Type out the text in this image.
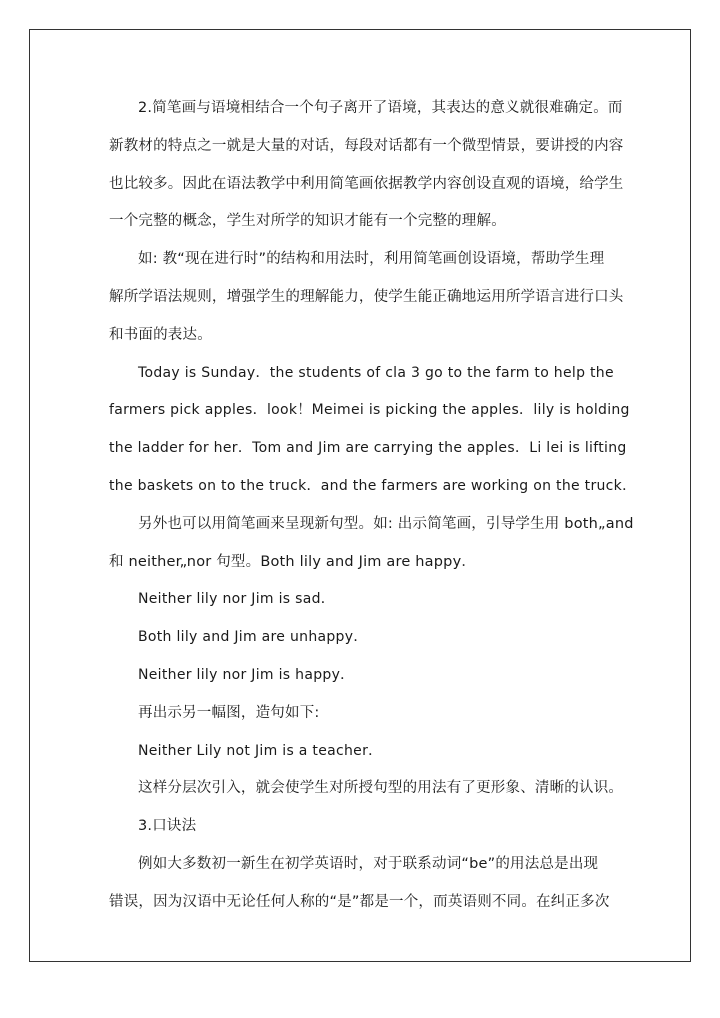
2.简笔画与语境相结合一个句子离开了语境，其表达的意义就很难确定。而
新教材的特点之一就是大量的对话，每段对话都有一个微型情景，要讲授的内容
也比较多。因此在语法教学中利用简笔画依据教学内容创设直观的语境，给学生
一个完整的概念，学生对所学的知识才能有一个完整的理解。
如: 教“现在进行时”的结构和用法时，利用简笔画创设语境，帮助学生理
解所学语法规则，增强学生的理解能力，使学生能正确地运用所学语言进行口头
和书面的表达。
Today is Sunday．the students of cla 3 go to the farm to help the
farmers pick apples．look！Meimei is picking the apples．lily is holding
the ladder for her．Tom and Jim are carrying the apples．Li lei is lifting
the baskets on to the truck．and the farmers are working on the truck．
另外也可以用简笔画来呈现新句型。如: 出示简笔画，引导学生用 both„and
和 neither„nor 句型。Both lily and Jim are happy．
Neither lily nor Jim is sad．
Both lily and Jim are unhappy．
Neither lily nor Jim is happy．
再出示另一幅图，造句如下:
Neither Lily not Jim is a teacher．
这样分层次引入，就会使学生对所授句型的用法有了更形象、清晰的认识。
3.口诀法
例如大多数初一新生在初学英语时，对于联系动词“be”的用法总是出现
错误，因为汉语中无论任何人称的“是”都是一个，而英语则不同。在纠正多次
